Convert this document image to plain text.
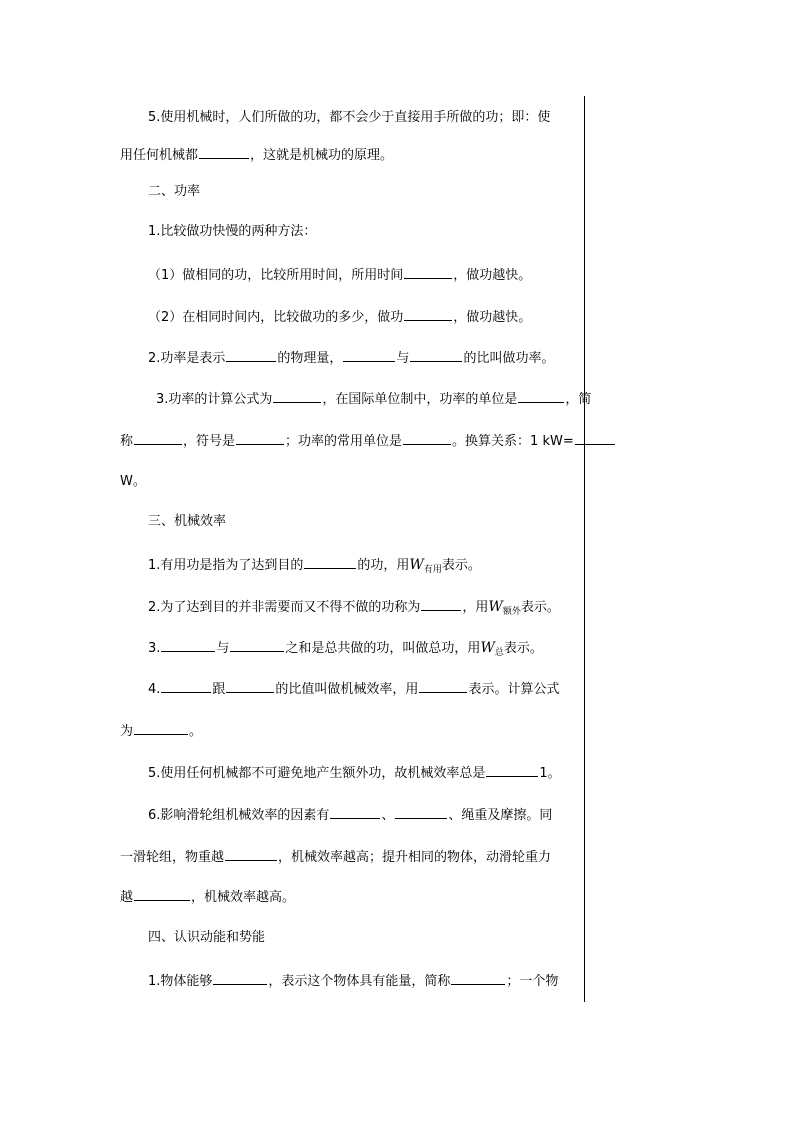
5.使用机械时，人们所做的功，都不会少于直接用手所做的功；即：使
用任何机械都	，这就是机械功的原理。
二、功率
1.比较做功快慢的两种方法：
（1）做相同的功，比较所用时间，所用时间	，做功越快。
（2）在相同时间内，比较做功的多少，做功	，做功越快。
2.功率是表示	的物理量，	与	的比叫做功率。
3.功率的计算公式为	，在国际单位制中，功率的单位是	，简
称	，符号是	；功率的常用单位是	。换算关系：1 kW=
W。
三、机械效率
1.有用功是指为了达到目的	的功，用$W_{有用}$表示。
2.为了达到目的并非需要而又不得不做的功称为	，用$W_{额外}$表示。
3.	与	之和是总共做的功，叫做总功，用$W_总$表示。
4.	跟	的比值叫做机械效率，用	表示。计算公式
为	。
5.使用任何机械都不可避免地产生额外功，故机械效率总是	1。
6.影响滑轮组机械效率的因素有	、	、绳重及摩擦。同
一滑轮组，物重越	，机械效率越高；提升相同的物体，动滑轮重力
越	，机械效率越高。
四、认识动能和势能
1.物体能够	，表示这个物体具有能量，简称	；一个物
